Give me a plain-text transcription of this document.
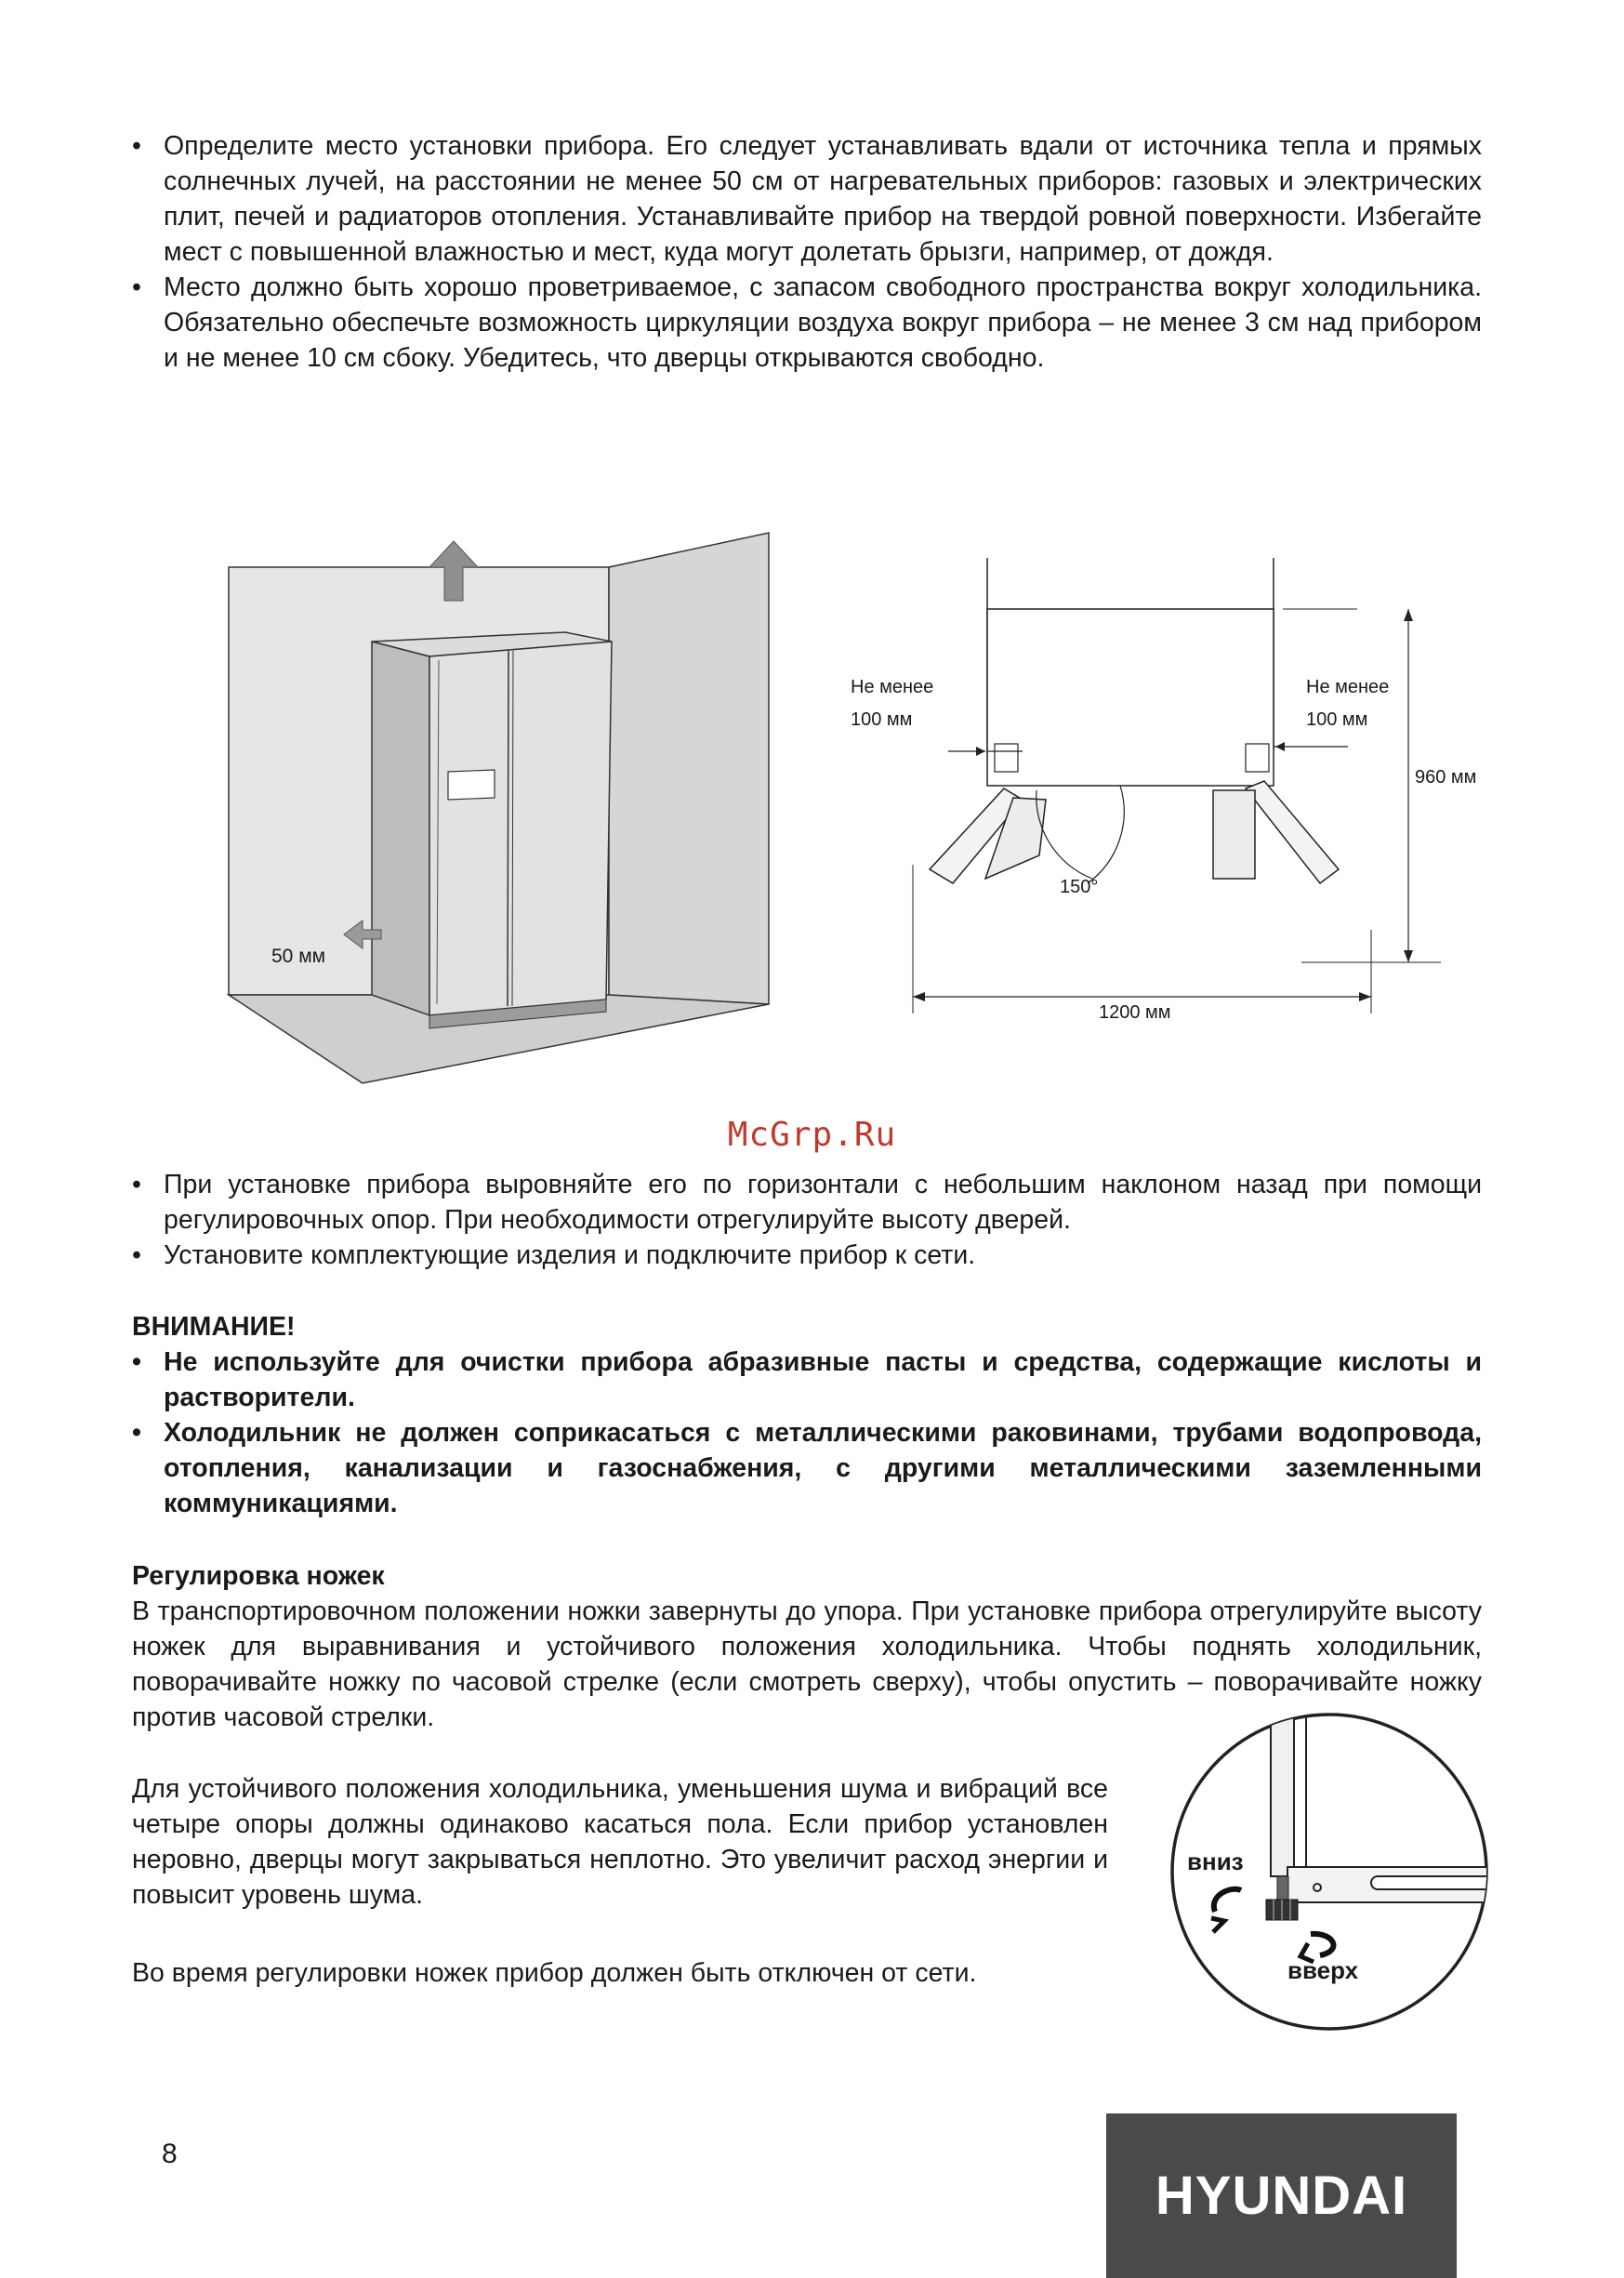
• Определите место установки прибора. Его следует устанавливать вдали от источника тепла и прямых солнечных лучей, на расстоянии не менее 50 см от нагревательных приборов: газовых и электрических плит, печей и радиаторов отопления. Устанавливайте прибор на твердой ровной поверхности. Избегайте мест с повышенной влажностью и мест, куда могут долетать брызги, например, от дождя.
• Место должно быть хорошо проветриваемое, с запасом свободного пространства вокруг холодильника. Обязательно обеспечьте возможность циркуляции воздуха вокруг прибора – не менее 3 см над прибором и не менее 10 см сбоку. Убедитесь, что дверцы открываются свободно.
50 мм
150°
Не менее
100 мм
Не менее
100 мм
960 мм
1200 мм
McGrp.Ru
• При установке прибора выровняйте его по горизонтали с небольшим наклоном назад при помощи регулировочных опор. При необходимости отрегулируйте высоту дверей.
• Установите комплектующие изделия и подключите прибор к сети.

ВНИМАНИЕ!

• Не используйте для очистки прибора абразивные пасты и средства, содержащие кислоты и растворители.
• Холодильник не должен соприкасаться с металлическими раковинами, трубами водопровода, отопления, канализации и газоснабжения, с другими металлическими заземленными коммуникациями.

Регулировка ножек

В транспортировочном положении ножки завернуты до упора. При установке прибора отрегулируйте высоту ножек для выравнивания и устойчивого положения холодильника. Чтобы поднять холодильник, поворачивайте ножку по часовой стрелке (если смотреть сверху), чтобы опустить – поворачивайте ножку против часовой стрелки.

Для устойчивого положения холодильника, уменьшения шума и вибраций все четыре опоры должны одинаково касаться пола. Если прибор установлен неровно, дверцы могут закрываться неплотно. Это увеличит расход энергии и повысит уровень шума.

Во время регулировки ножек прибор должен быть отключен от сети.

вниз
вверх
8
HYUNDAI
